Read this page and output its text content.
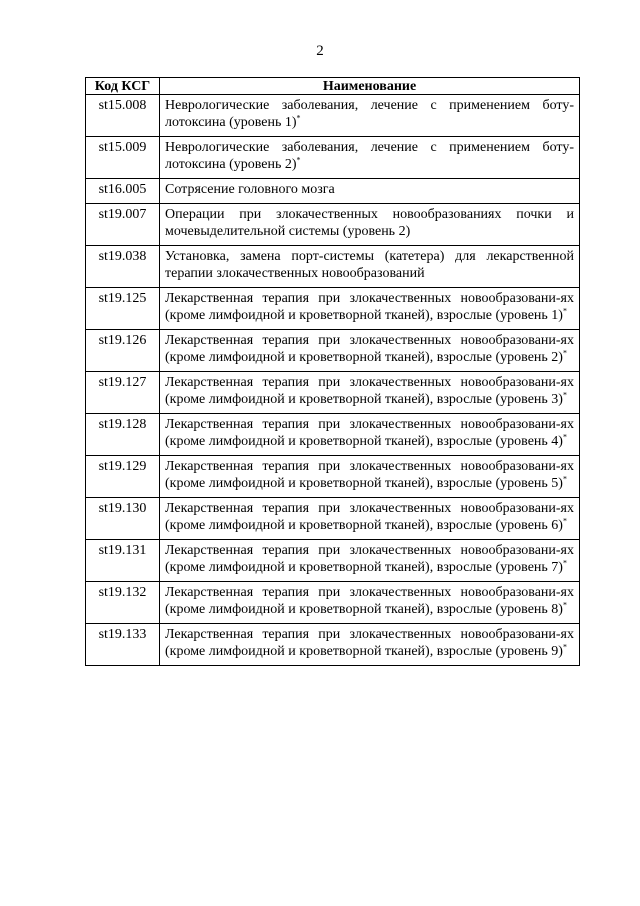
2
Код КСГ	Наименование
st15.008	Неврологические заболевания, лечение с применением боту-лотоксина (уровень 1)*
st15.009	Неврологические заболевания, лечение с применением боту-лотоксина (уровень 2)*
st16.005	Сотрясение головного мозга
st19.007	Операции при злокачественных новообразованиях почки и мочевыделительной системы (уровень 2)
st19.038	Установка, замена порт-системы (катетера) для лекарственной терапии злокачественных новообразований
st19.125	Лекарственная терапия при злокачественных новообразовани-ях (кроме лимфоидной и кроветворной тканей), взрослые (уровень 1)*
st19.126	Лекарственная терапия при злокачественных новообразовани-ях (кроме лимфоидной и кроветворной тканей), взрослые (уровень 2)*
st19.127	Лекарственная терапия при злокачественных новообразовани-ях (кроме лимфоидной и кроветворной тканей), взрослые (уровень 3)*
st19.128	Лекарственная терапия при злокачественных новообразовани-ях (кроме лимфоидной и кроветворной тканей), взрослые (уровень 4)*
st19.129	Лекарственная терапия при злокачественных новообразовани-ях (кроме лимфоидной и кроветворной тканей), взрослые (уровень 5)*
st19.130	Лекарственная терапия при злокачественных новообразовани-ях (кроме лимфоидной и кроветворной тканей), взрослые (уровень 6)*
st19.131	Лекарственная терапия при злокачественных новообразовани-ях (кроме лимфоидной и кроветворной тканей), взрослые (уровень 7)*
st19.132	Лекарственная терапия при злокачественных новообразовани-ях (кроме лимфоидной и кроветворной тканей), взрослые (уровень 8)*
st19.133	Лекарственная терапия при злокачественных новообразовани-ях (кроме лимфоидной и кроветворной тканей), взрослые (уровень 9)*
